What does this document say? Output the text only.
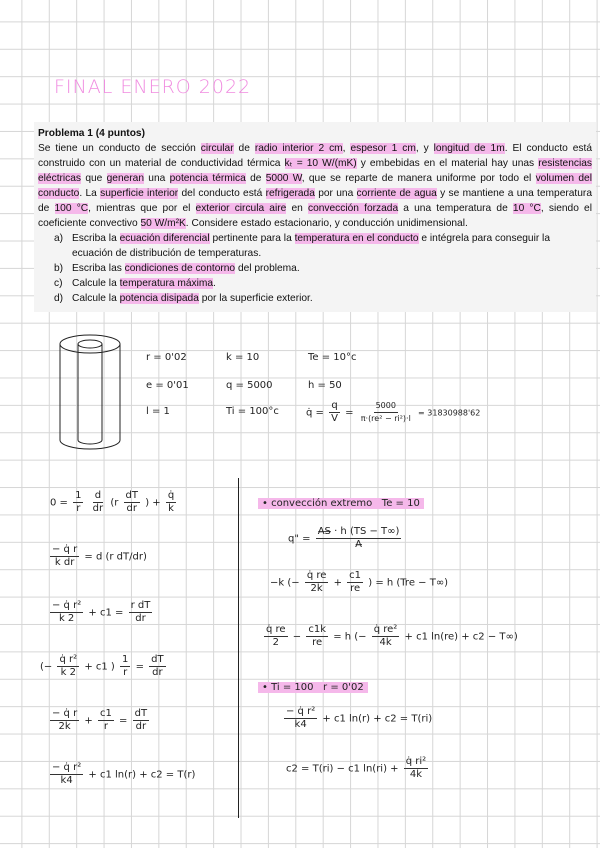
FINAL ENERO 2022
Problema 1 (4 puntos)

Se tiene un conducto de sección circular de radio interior 2 cm, espesor 1 cm, y longitud de 1m. El conducto está construido con un material de conductividad térmica kₜ = 10 W/(mK) y embebidas en el material hay unas resistencias eléctricas que generan una potencia térmica de 5000 W, que se reparte de manera uniforme por todo el volumen del conducto. La superficie interior del conducto está refrigerada por una corriente de agua y se mantiene a una temperatura de 100 °C, mientras que por el exterior circula aire en convección forzada a una temperatura de 10 °C, siendo el coeficiente convectivo 50 W/m²K. Considere estado estacionario, y conducción unidimensional.

a) Escriba la ecuación diferencial pertinente para la temperatura en el conducto e intégrela para conseguir la ecuación de distribución de temperaturas.
b) Escriba las condiciones de contorno del problema.
c) Calcule la temperatura máxima.
d) Calcule la potencia disipada por la superficie exterior.
r = 0'02
e = 0'01
l = 1
k = 10
q = 5000
Ti = 100°c
Te = 10°c
h = 50
q̇ = $\frac{q}{V} = \frac{5000}{\text{π·(re² − ri²)·l}} = 31830988'62$
$0 = \frac{1}{r}$
$\frac{d}{dr} (r \frac{dT}{dr}$ ) + $\frac{q̇}{k}$
$\frac{- q̇ r}{\text{k dr}} = d$ (r dT/dr)
$\frac{\text{− q̇ r²}}{k 2} + c1 = \frac{\text{r dT}}{dr}$
(− $\frac{\text{q̇ r²}}{k 2} + c1$ ) $\frac{1}{r} = \frac{dT}{dr}$
$\frac{- q̇ r}{2k} + \frac{c1}{r} = \frac{dT}{dr}$
$\frac{\text{− q̇ r²}}{k4} + c1$ ln(r) + c2 = T(r)
• convección extremo Te = 10
q" = $\frac{A̶S̶ \cdot h (TS - T\infty)}{A̶}$
−k (− $\frac{q̇ re}{2k} + \frac{c1}{re}$ ) = h (Tre − T∞)
$\frac{q̇ re}{2} - \frac{c1k}{re} = h$ (− $\frac{\text{q̇ re²}}{4k} + c1$ ln(re) + c2 − T∞)
• Ti = 100 r = 0'02
$\frac{\text{− q̇ r²}}{k4} + c1$ ln(r) + c2 = T(ri)
c2 = T(ri) − c1 $\ln(ri) + \frac{\text{q̇ ri²}}{4k}$
